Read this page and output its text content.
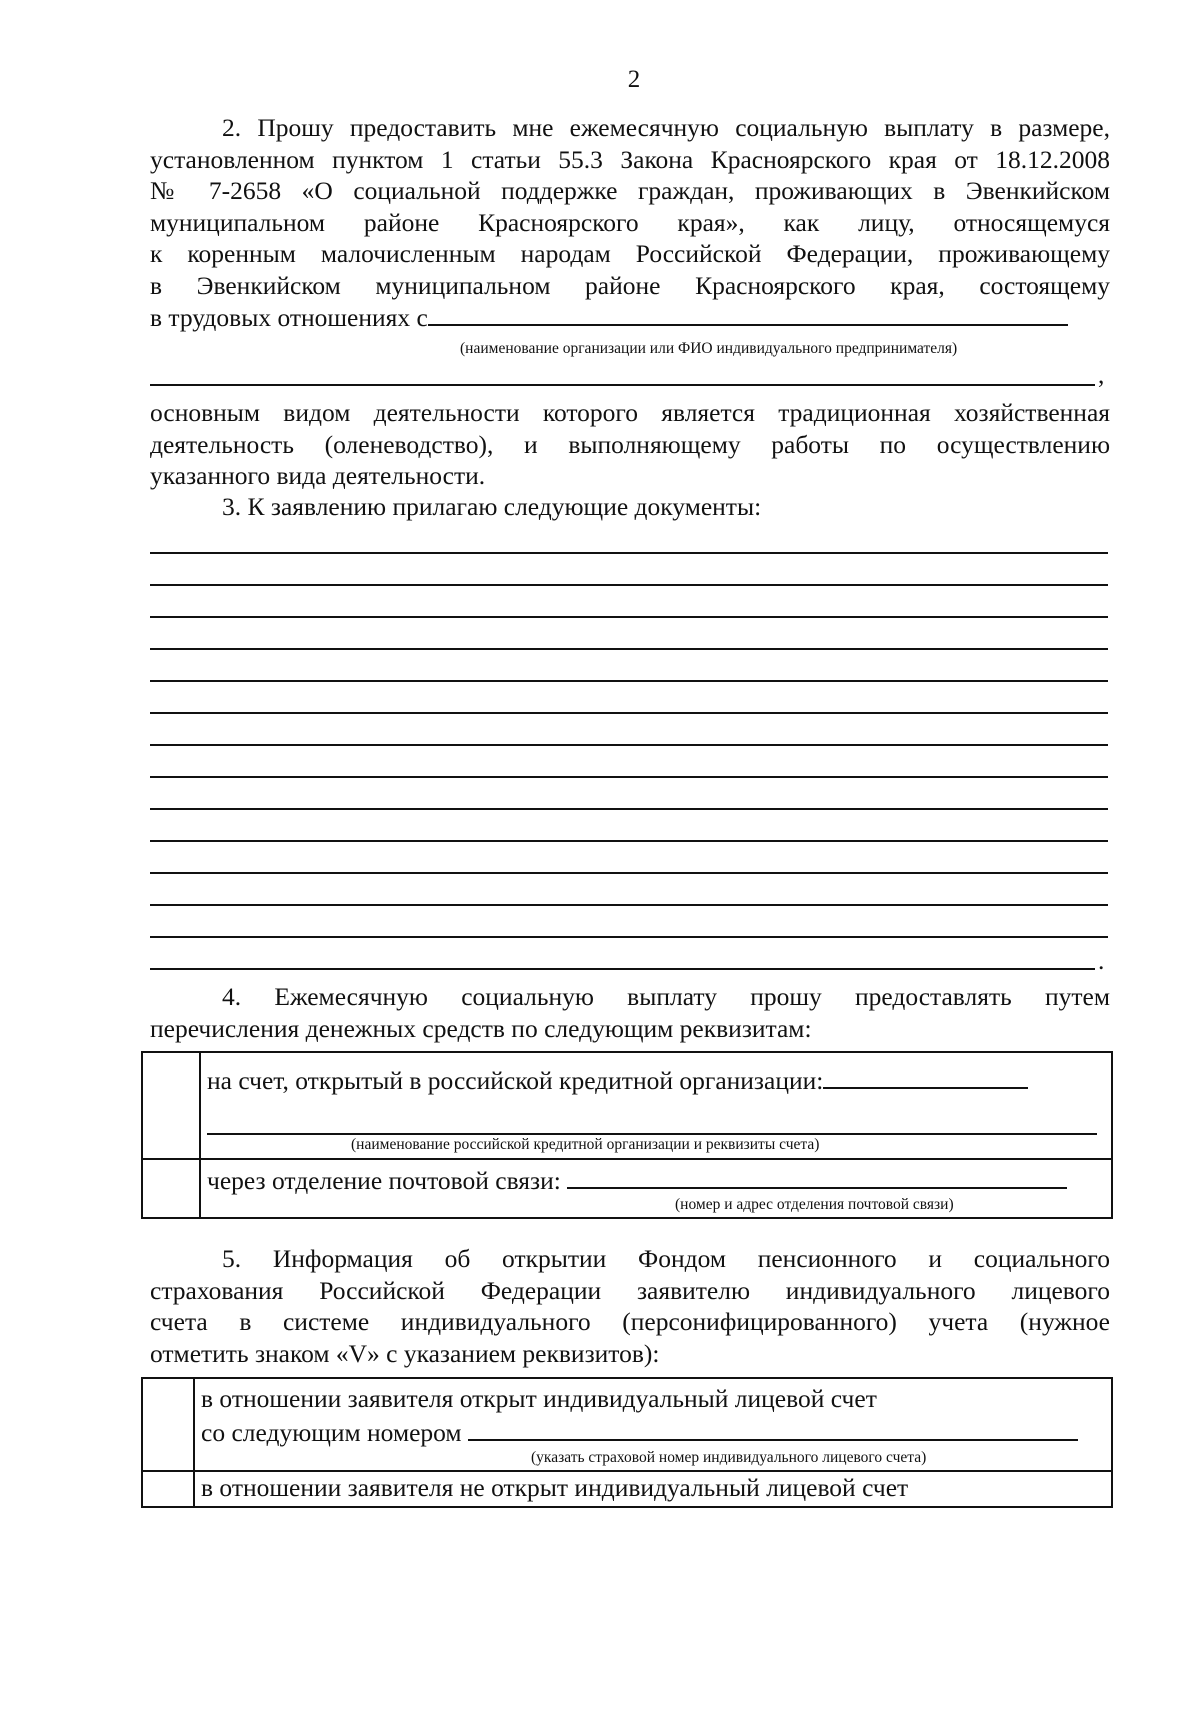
2
2. Прошу предоставить мне ежемесячную социальную выплату в размере,
установленном пунктом 1 статьи 55.3 Закона Красноярского края от 18.12.2008
№ 7-2658 «О социальной поддержке граждан, проживающих в Эвенкийском
муниципальном районе Красноярского края», как лицу, относящемуся
к коренным малочисленным народам Российской Федерации, проживающему
в Эвенкийском муниципальном районе Красноярского края, состоящему
в трудовых отношениях с
(наименование организации или ФИО индивидуального предпринимателя)
,
основным видом деятельности которого является традиционная хозяйственная
деятельность (оленеводство), и выполняющему работы по осуществлению
указанного вида деятельности.
3. К заявлению прилагаю следующие документы:
.
4. Ежемесячную социальную выплату прошу предоставлять путем
перечисления денежных средств по следующим реквизитам:

	на счет, открытый в российской кредитной организации:
(наименование российской кредитной организации и реквизиты счета)

	через отделение почтовой связи:
(номер и адрес отделения почтовой связи)
5. Информация об открытии Фондом пенсионного и социального
страхования Российской Федерации заявителю индивидуального лицевого
счета в системе индивидуального (персонифицированного) учета (нужное
отметить знаком «V» с указанием реквизитов):

	в отношении заявителя открыт индивидуальный лицевой счет
со следующим номером
(указать страховой номер индивидуального лицевого счета)

	в отношении заявителя не открыт индивидуальный лицевой счет
